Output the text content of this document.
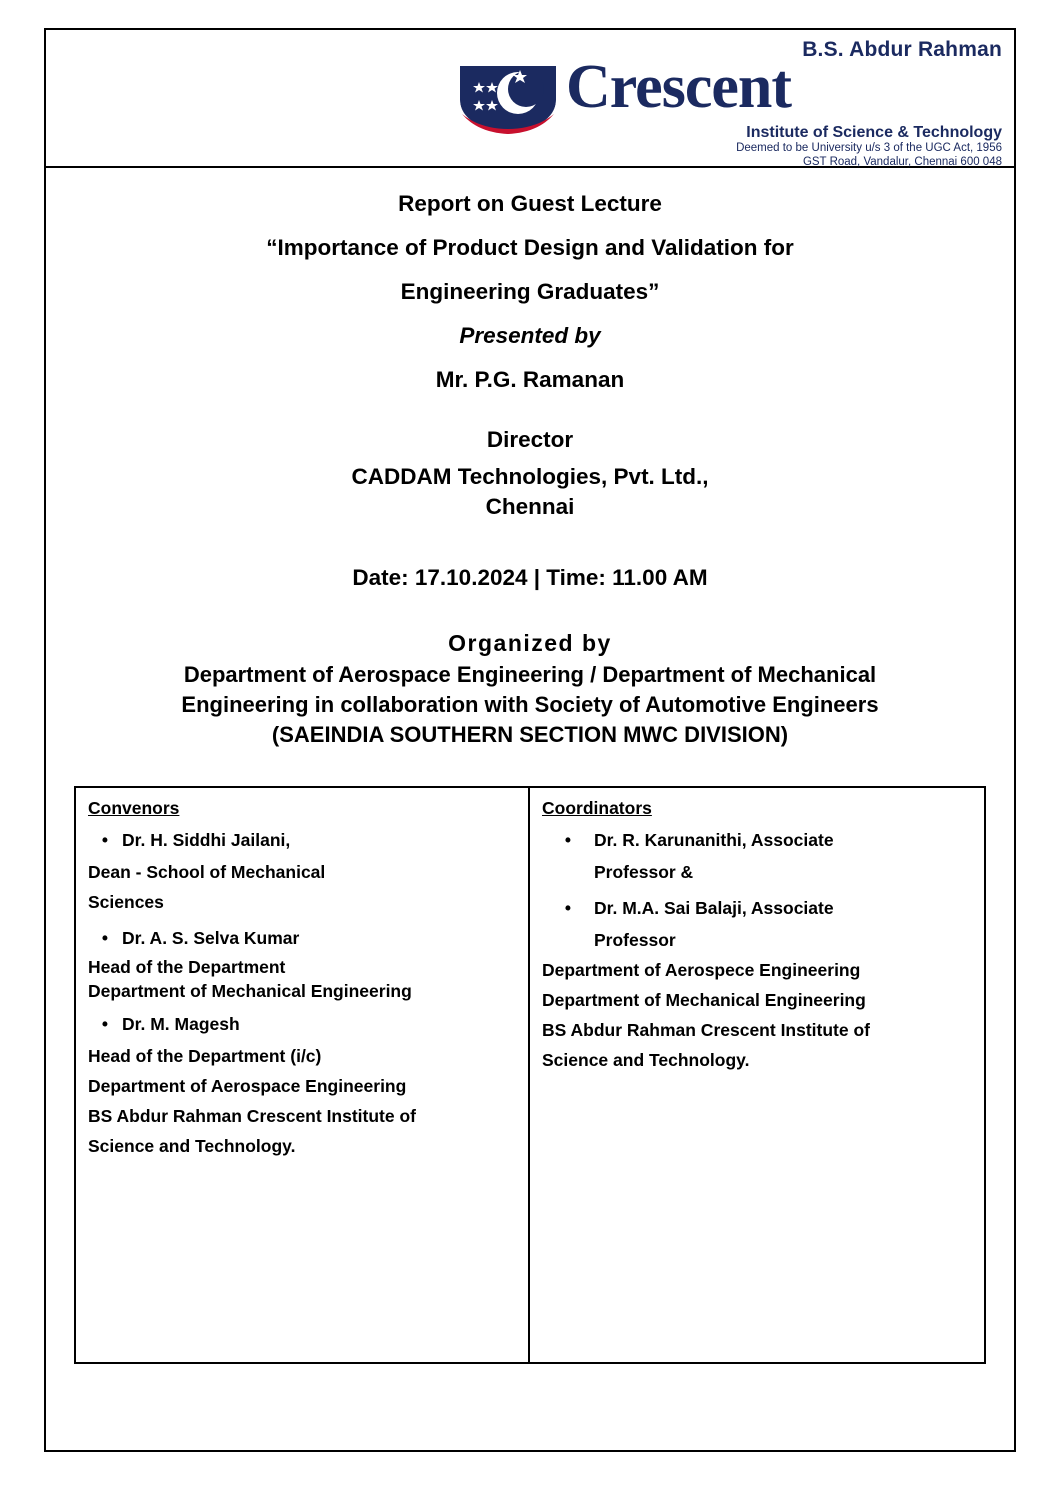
B.S. Abdur Rahman
Crescent
Institute of Science & Technology
Deemed to be University u/s 3 of the UGC Act, 1956
GST Road, Vandalur, Chennai 600 048
Report on Guest Lecture
“Importance of Product Design and Validation for
Engineering Graduates”
Presented by
Mr. P.G. Ramanan
Director
CADDAM Technologies, Pvt. Ltd.,
Chennai
Date: 17.10.2024 | Time: 11.00 AM
Organized by
Department of Aerospace Engineering / Department of Mechanical
Engineering in collaboration with Society of Automotive Engineers
(SAEINDIA SOUTHERN SECTION MWC DIVISION)
Convenors
• Dr. H. Siddhi Jailani,
Dean - School of Mechanical
Sciences
• Dr. A. S. Selva Kumar
Head of the Department
Department of Mechanical Engineering
• Dr. M. Magesh
Head of the Department (i/c)
Department of Aerospace Engineering
BS Abdur Rahman Crescent Institute of
Science and Technology.
Coordinators
•	Dr. R. Karunanithi, Associate
Professor &
•	Dr. M.A. Sai Balaji, Associate
Professor
Department of Aerospece Engineering
Department of Mechanical Engineering
BS Abdur Rahman Crescent Institute of
Science and Technology.
